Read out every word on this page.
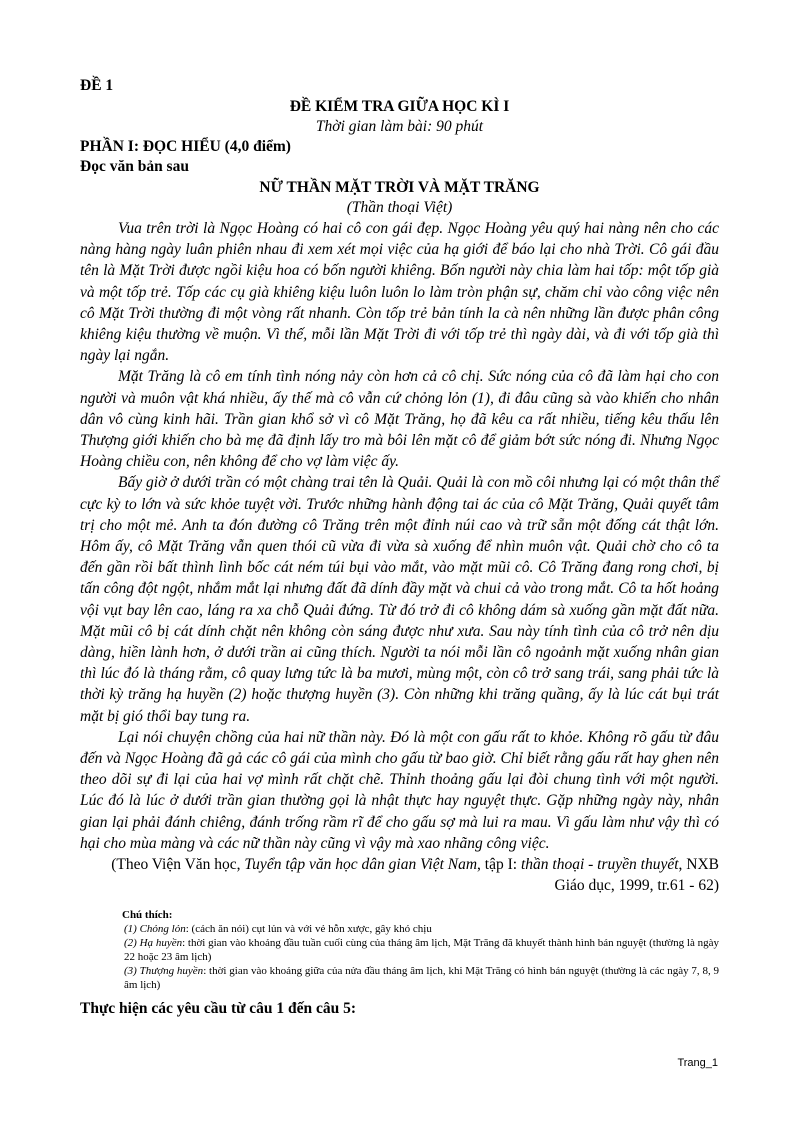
ĐỀ 1

ĐỀ KIỂM TRA GIỮA HỌC KÌ I

Thời gian làm bài: 90 phút

PHẦN I: ĐỌC HIỂU (4,0 điểm)

Đọc văn bản sau

NỮ THẦN MẶT TRỜI VÀ MẶT TRĂNG

(Thần thoại Việt)

Vua trên trời là Ngọc Hoàng có hai cô con gái đẹp. Ngọc Hoàng yêu quý hai nàng nên cho các nàng hàng ngày luân phiên nhau đi xem xét mọi việc của hạ giới để báo lại cho nhà Trời. Cô gái đầu tên là Mặt Trời được ngồi kiệu hoa có bốn người khiêng. Bốn người này chia làm hai tốp: một tốp già và một tốp trẻ. Tốp các cụ già khiêng kiệu luôn luôn lo làm tròn phận sự, chăm chỉ vào công việc nên cô Mặt Trời thường đi một vòng rất nhanh. Còn tốp trẻ bản tính la cà nên những lần được phân công khiêng kiệu thường về muộn. Vì thế, mỗi lần Mặt Trời đi với tốp trẻ thì ngày dài, và đi với tốp già thì ngày lại ngắn.

Mặt Trăng là cô em tính tình nóng nảy còn hơn cả cô chị. Sức nóng của cô đã làm hại cho con người và muôn vật khá nhiều, ấy thế mà cô vẫn cứ chỏng lỏn (1), đi đâu cũng sà vào khiến cho nhân dân vô cùng kinh hãi. Trần gian khổ sở vì cô Mặt Trăng, họ đã kêu ca rất nhiều, tiếng kêu thấu lên Thượng giới khiến cho bà mẹ đã định lấy tro mà bôi lên mặt cô để giảm bớt sức nóng đi. Nhưng Ngọc Hoàng chiều con, nên không để cho vợ làm việc ấy.

Bấy giờ ở dưới trần có một chàng trai tên là Quải. Quải là con mồ côi nhưng lại có một thân thể cực kỳ to lớn và sức khỏe tuyệt vời. Trước những hành động tai ác của cô Mặt Trăng, Quải quyết tâm trị cho một mẻ. Anh ta đón đường cô Trăng trên một đỉnh núi cao và trữ sẵn một đống cát thật lớn. Hôm ấy, cô Mặt Trăng vẫn quen thói cũ vừa đi vừa sà xuống để nhìn muôn vật. Quải chờ cho cô ta đến gần rồi bất thình lình bốc cát ném túi bụi vào mắt, vào mặt mũi cô. Cô Trăng đang rong chơi, bị tấn công đột ngột, nhắm mắt lại nhưng đất đã dính đầy mặt và chui cả vào trong mắt. Cô ta hốt hoảng vội vụt bay lên cao, láng ra xa chỗ Quải đứng. Từ đó trở đi cô không dám sà xuống gần mặt đất nữa. Mặt mũi cô bị cát dính chặt nên không còn sáng được như xưa. Sau này tính tình của cô trở nên dịu dàng, hiền lành hơn, ở dưới trần ai cũng thích. Người ta nói mỗi lần cô ngoảnh mặt xuống nhân gian thì lúc đó là tháng rằm, cô quay lưng tức là ba mươi, mùng một, còn cô trở sang trái, sang phải tức là thời kỳ trăng hạ huyền (2) hoặc thượng huyền (3). Còn những khi trăng quầng, ấy là lúc cát bụi trát mặt bị gió thổi bay tung ra.

Lại nói chuyện chồng của hai nữ thần này. Đó là một con gấu rất to khỏe. Không rõ gấu từ đâu đến và Ngọc Hoàng đã gả các cô gái của mình cho gấu từ bao giờ. Chỉ biết rằng gấu rất hay ghen nên theo dõi sự đi lại của hai vợ mình rất chặt chẽ. Thỉnh thoảng gấu lại đòi chung tình với một người. Lúc đó là lúc ở dưới trần gian thường gọi là nhật thực hay nguyệt thực. Gặp những ngày này, nhân gian lại phải đánh chiêng, đánh trống rầm rĩ để cho gấu sợ mà lui ra mau. Vì gấu làm như vậy thì có hại cho mùa màng và các nữ thần này cũng vì vậy mà xao nhãng công việc.

(Theo Viện Văn học, Tuyển tập văn học dân gian Việt Nam, tập I: thần thoại - truyền thuyết, NXB Giáo dục, 1999, tr.61 - 62)

Chú thích:

(1) Chỏng lỏn: (cách ăn nói) cụt lủn và với vẻ hỗn xược, gây khó chịu

(2) Hạ huyền: thời gian vào khoảng đầu tuần cuối cùng của tháng âm lịch, Mặt Trăng đã khuyết thành hình bán nguyệt (thường là ngày 22 hoặc 23 âm lịch)

(3) Thượng huyền: thời gian vào khoảng giữa của nửa đầu tháng âm lịch, khi Mặt Trăng có hình bán nguyệt (thường là các ngày 7, 8, 9 âm lịch)

Thực hiện các yêu cầu từ câu 1 đến câu 5:

Trang_1
